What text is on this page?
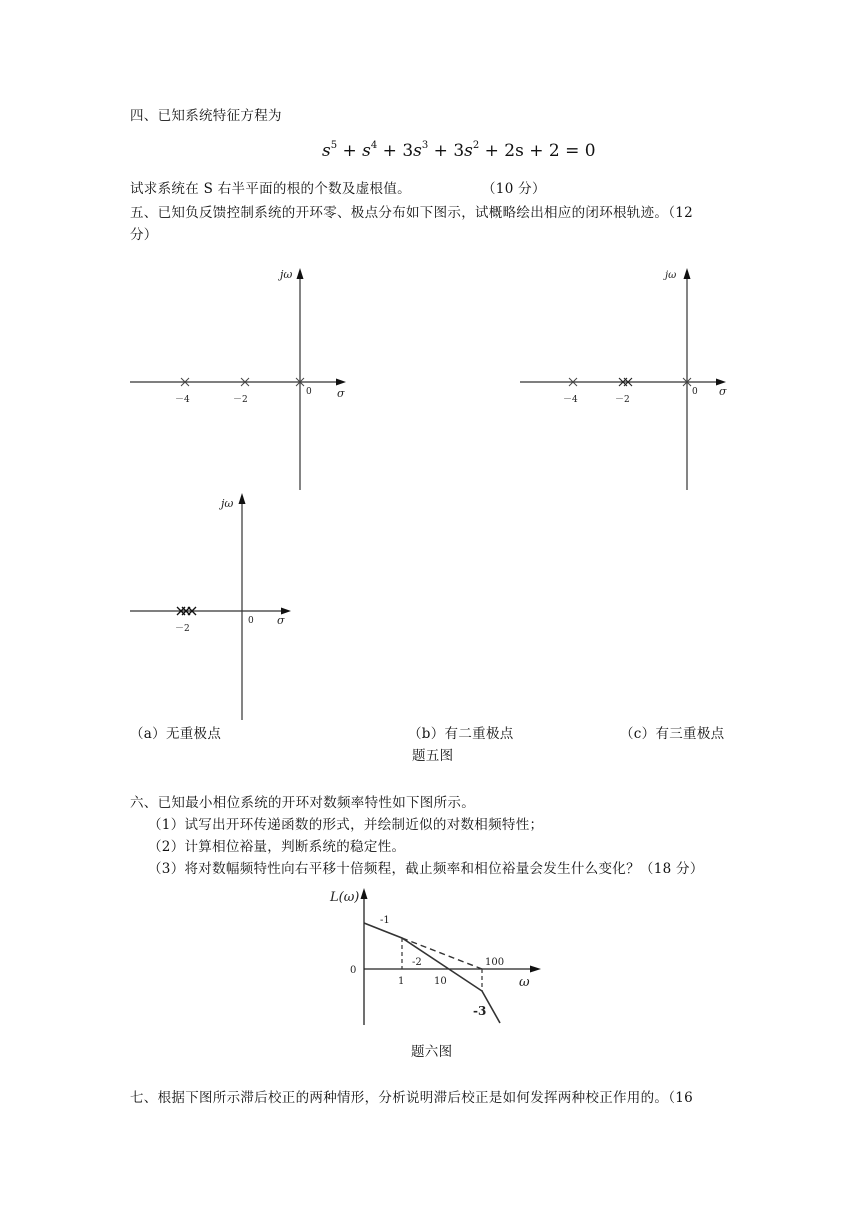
四、已知系统特征方程为
$s^5 + s^4 + 3s^3 + 3s^2 + 2s + 2 = 0$
试求系统在 S 右半平面的根的个数及虚根值。	（10 分）
五、已知负反馈控制系统的开环零、极点分布如下图示，试概略绘出相应的闭环根轨迹。（12
分）
jω
σ
0
－4	－2
jω
σ
0
－4	－2
jω
σ
0
－2
（a）无重极点	（b）有二重极点	（c）有三重极点
题五图
六、已知最小相位系统的开环对数频率特性如下图所示。
（1）试写出开环传递函数的形式，并绘制近似的对数相频特性；
（2）计算相位裕量，判断系统的稳定性。
（3）将对数幅频特性向右平移十倍频程，截止频率和相位裕量会发生什么变化？（18 分）
L(ω)
ω
0
1	10
100
-1
-2
-3
题六图
七、根据下图所示滞后校正的两种情形，分析说明滞后校正是如何发挥两种校正作用的。（16
